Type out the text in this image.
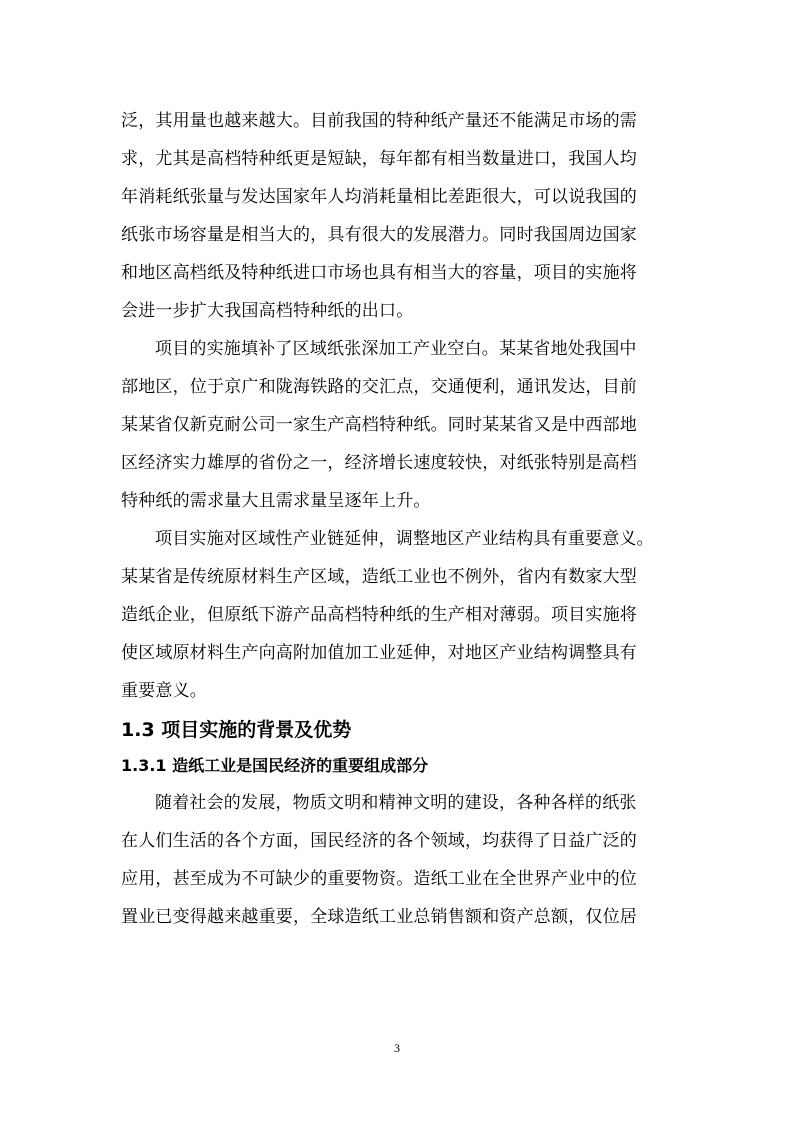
泛，其用量也越来越大。目前我国的特种纸产量还不能满足市场的需
求，尤其是高档特种纸更是短缺，每年都有相当数量进口，我国人均
年消耗纸张量与发达国家年人均消耗量相比差距很大，可以说我国的
纸张市场容量是相当大的，具有很大的发展潜力。同时我国周边国家
和地区高档纸及特种纸进口市场也具有相当大的容量，项目的实施将
会进一步扩大我国高档特种纸的出口。

项目的实施填补了区域纸张深加工产业空白。某某省地处我国中
部地区，位于京广和陇海铁路的交汇点，交通便利，通讯发达，目前
某某省仅新克耐公司一家生产高档特种纸。同时某某省又是中西部地
区经济实力雄厚的省份之一，经济增长速度较快，对纸张特别是高档
特种纸的需求量大且需求量呈逐年上升。

项目实施对区域性产业链延伸，调整地区产业结构具有重要意义。
某某省是传统原材料生产区域，造纸工业也不例外，省内有数家大型
造纸企业，但原纸下游产品高档特种纸的生产相对薄弱。项目实施将
使区域原材料生产向高附加值加工业延伸，对地区产业结构调整具有
重要意义。

1.3 项目实施的背景及优势
1.3.1 造纸工业是国民经济的重要组成部分

随着社会的发展，物质文明和精神文明的建设，各种各样的纸张
在人们生活的各个方面，国民经济的各个领域，均获得了日益广泛的
应用，甚至成为不可缺少的重要物资。造纸工业在全世界产业中的位
置业已变得越来越重要，全球造纸工业总销售额和资产总额，仅位居

3
